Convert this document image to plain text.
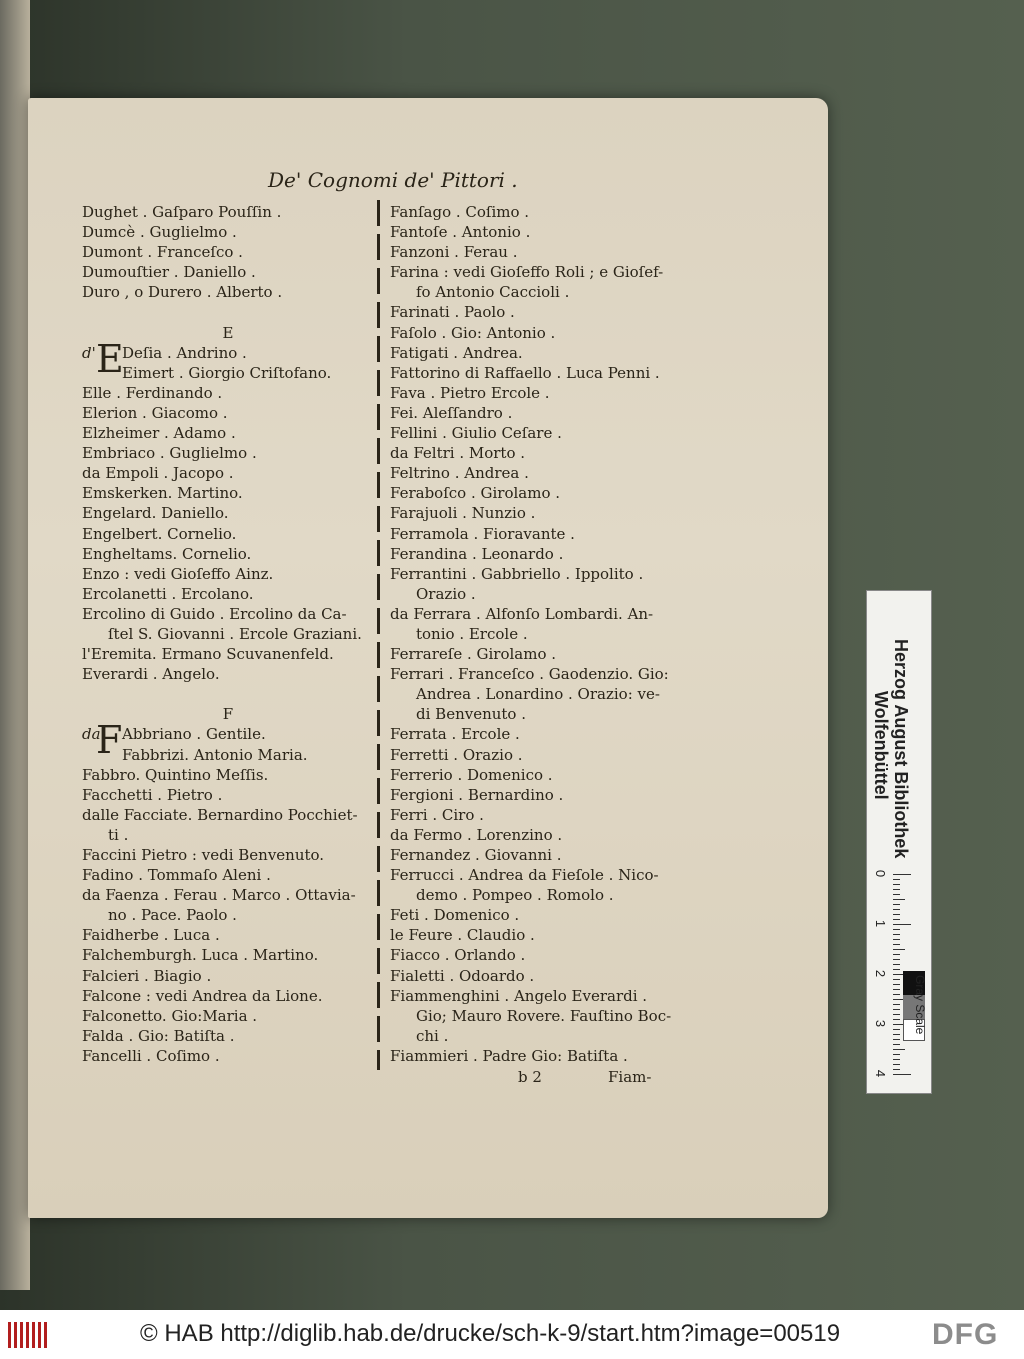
De' Cognomi de' Pittori .
Dughet . Gaſparo Pouſſin .
Dumcè . Guglielmo .
Dumont . Franceſco .
Dumouſtier . Daniello .
Duro , o Durero . Alberto .
E
d' E
Deſia . Andrino .
Eimert . Giorgio Criſtofano.
Elle . Ferdinando .
Elerion . Giacomo .
Elzheimer . Adamo .
Embriaco . Guglielmo .
da Empoli . Jacopo .
Emskerken. Martino.
Engelard. Daniello.
Engelbert. Cornelio.
Engheltams. Cornelio.
Enzo : vedi Gioſeffo Ainz.
Ercolanetti . Ercolano.
Ercolino di Guido . Ercolino da Ca-
ſtel S. Giovanni . Ercole Graziani.
l'Eremita. Ermano Scuvanenfeld.
Everardi . Angelo.
F
da
F Abbriano . Gentile.
Fabbrizi. Antonio Maria.
Fabbro. Quintino Meſſis.
Facchetti . Pietro .
dalle Facciate. Bernardino Pocchiet-
ti .
Faccini Pietro : vedi Benvenuto.
Fadino . Tommaſo Aleni .
da Faenza . Ferau . Marco . Ottavia-
no . Pace. Paolo .
Faidherbe . Luca .
Falchemburgh. Luca . Martino.
Falcieri . Biagio .
Falcone : vedi Andrea da Lione.
Falconetto. Gio:Maria .
Falda . Gio: Batiſta .
Fancelli . Coſimo .
Fanſago . Coſimo .
Fantoſe . Antonio .
Fanzoni . Ferau .
Farina : vedi Gioſeffo Roli ; e Gioſef-
fo Antonio Caccioli .
Farinati . Paolo .
Faſolo . Gio: Antonio .
Fatigati . Andrea.
Fattorino di Raffaello . Luca Penni .
Fava . Pietro Ercole .
Fei. Aleſſandro .
Fellini . Giulio Ceſare .
da Feltri . Morto .
Feltrino . Andrea .
Feraboſco . Girolamo .
Farajuoli . Nunzio .
Ferramola . Fioravante .
Ferandina . Leonardo .
Ferrantini . Gabbriello . Ippolito .
Orazio .
da Ferrara . Alfonſo Lombardi. An-
tonio . Ercole .
Ferrareſe . Girolamo .
Ferrari . Franceſco . Gaodenzio. Gio:
Andrea . Lonardino . Orazio: ve-
di Benvenuto .
Ferrata . Ercole .
Ferretti . Orazio .
Ferrerio . Domenico .
Fergioni . Bernardino .
Ferri . Ciro .
da Fermo . Lorenzino .
Fernandez . Giovanni .
Ferrucci . Andrea da Fieſole . Nico-
demo . Pompeo . Romolo .
Feti . Domenico .
le Feure . Claudio .
Fiacco . Orlando .
Fialetti . Odoardo .
Fiammenghini . Angelo Everardi .
Gio; Mauro Rovere. Fauſtino Boc-
chi .
Fiammieri . Padre Gio: Batiſta .
b 2	Fiam-
Herzog August Bibliothek
Wolfenbüttel
0
1
2
3
4
Gray Scale
© HAB http://diglib.hab.de/drucke/sch-k-9/start.htm?image=00519	DFG
